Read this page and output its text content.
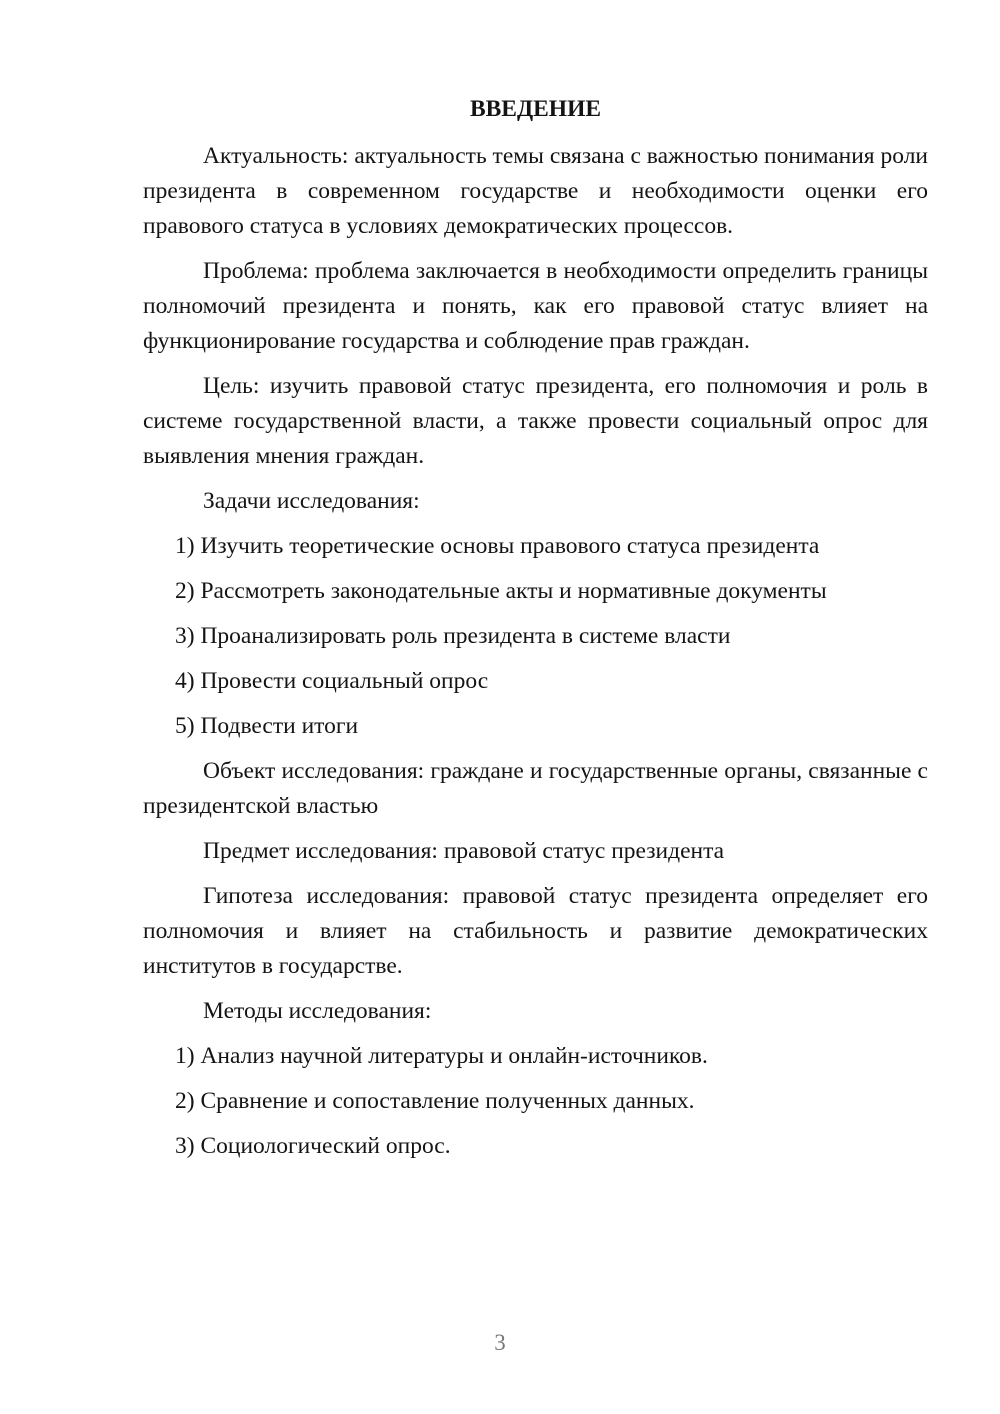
ВВЕДЕНИЕ

Актуальность: актуальность темы связана с важностью понимания роли президента в современном государстве и необходимости оценки его правового статуса в условиях демократических процессов.

Проблема: проблема заключается в необходимости определить границы полномочий президента и понять, как его правовой статус влияет на функционирование государства и соблюдение прав граждан.

Цель: изучить правовой статус президента, его полномочия и роль в системе государственной власти, а также провести социальный опрос для выявления мнения граждан.

Задачи исследования:

1) Изучить теоретические основы правового статуса президента
2) Рассмотреть законодательные акты и нормативные документы
3) Проанализировать роль президента в системе власти
4) Провести социальный опрос
5) Подвести итоги

Объект исследования: граждане и государственные органы, связанные с президентской властью

Предмет исследования: правовой статус президента

Гипотеза исследования: правовой статус президента определяет его полномочия и влияет на стабильность и развитие демократических институтов в государстве.

Методы исследования:

1) Анализ научной литературы и онлайн-источников.
2) Сравнение и сопоставление полученных данных.
3) Социологический опрос.
3
